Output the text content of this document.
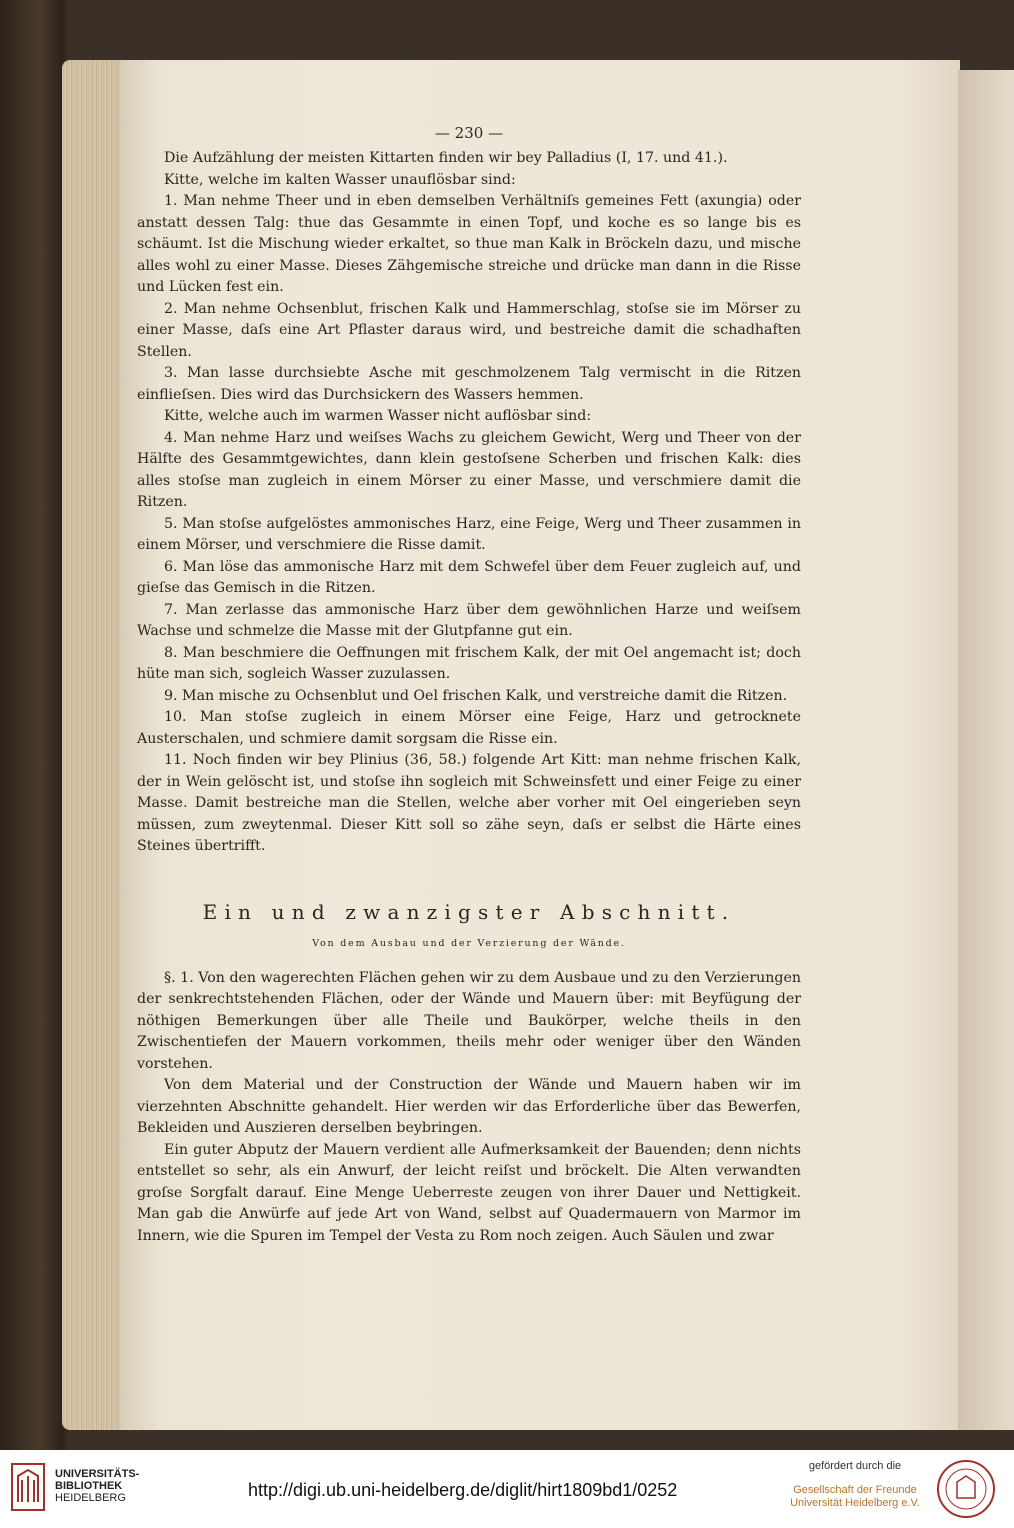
— 230 —

Die Aufzählung der meisten Kittarten finden wir bey Palladius (I, 17. und 41.).

Kitte, welche im kalten Wasser unauflösbar sind:

1. Man nehme Theer und in eben demselben Verhältniſs gemeines Fett (axungia) oder anstatt dessen Talg: thue das Gesammte in einen Topf, und koche es so lange bis es schäumt. Ist die Mischung wieder erkaltet, so thue man Kalk in Bröckeln dazu, und mische alles wohl zu einer Masse. Dieses Zähgemische streiche und drücke man dann in die Risse und Lücken fest ein.

2. Man nehme Ochsenblut, frischen Kalk und Hammerschlag, stoſse sie im Mörser zu einer Masse, daſs eine Art Pflaster daraus wird, und bestreiche damit die schadhaften Stellen.

3. Man lasse durchsiebte Asche mit geschmolzenem Talg vermischt in die Ritzen einflieſsen. Dies wird das Durchsickern des Wassers hemmen.

Kitte, welche auch im warmen Wasser nicht auflösbar sind:

4. Man nehme Harz und weiſses Wachs zu gleichem Gewicht, Werg und Theer von der Hälfte des Gesammtgewichtes, dann klein gestoſsene Scherben und frischen Kalk: dies alles stoſse man zugleich in einem Mörser zu einer Masse, und verschmiere damit die Ritzen.

5. Man stoſse aufgelöstes ammonisches Harz, eine Feige, Werg und Theer zusammen in einem Mörser, und verschmiere die Risse damit.

6. Man löse das ammonische Harz mit dem Schwefel über dem Feuer zugleich auf, und gieſse das Gemisch in die Ritzen.

7. Man zerlasse das ammonische Harz über dem gewöhnlichen Harze und weiſsem Wachse und schmelze die Masse mit der Glutpfanne gut ein.

8. Man beschmiere die Oeffnungen mit frischem Kalk, der mit Oel angemacht ist; doch hüte man sich, sogleich Wasser zuzulassen.

9. Man mische zu Ochsenblut und Oel frischen Kalk, und verstreiche damit die Ritzen.

10. Man stoſse zugleich in einem Mörser eine Feige, Harz und getrocknete Austerschalen, und schmiere damit sorgsam die Risse ein.

11. Noch finden wir bey Plinius (36, 58.) folgende Art Kitt: man nehme frischen Kalk, der in Wein gelöscht ist, und stoſse ihn sogleich mit Schweinsfett und einer Feige zu einer Masse. Damit bestreiche man die Stellen, welche aber vorher mit Oel eingerieben seyn müssen, zum zweytenmal. Dieser Kitt soll so zähe seyn, daſs er selbst die Härte eines Steines übertrifft.

Ein und zwanzigster Abschnitt.

Von dem Ausbau und der Verzierung der Wände.

§. 1. Von den wagerechten Flächen gehen wir zu dem Ausbaue und zu den Verzierungen der senkrechtstehenden Flächen, oder der Wände und Mauern über: mit Beyfügung der nöthigen Bemerkungen über alle Theile und Baukörper, welche theils in den Zwischentiefen der Mauern vorkommen, theils mehr oder weniger über den Wänden vorstehen.

Von dem Material und der Construction der Wände und Mauern haben wir im vierzehnten Abschnitte gehandelt. Hier werden wir das Erforderliche über das Bewerfen, Bekleiden und Auszieren derselben beybringen.

Ein guter Abputz der Mauern verdient alle Aufmerksamkeit der Bauenden; denn nichts entstellet so sehr, als ein Anwurf, der leicht reiſst und bröckelt. Die Alten verwandten groſse Sorgfalt darauf. Eine Menge Ueberreste zeugen von ihrer Dauer und Nettigkeit. Man gab die Anwürfe auf jede Art von Wand, selbst auf Quadermauern von Marmor im Innern, wie die Spuren im Tempel der Vesta zu Rom noch zeigen. Auch Säulen und zwar

UNIVERSITÄTS-
BIBLIOTHEK
HEIDELBERG	http://digi.ub.uni-heidelberg.de/diglit/hirt1809bd1/0252
gefördert durch die
Gesellschaft der Freunde
Universität Heidelberg e.V.
